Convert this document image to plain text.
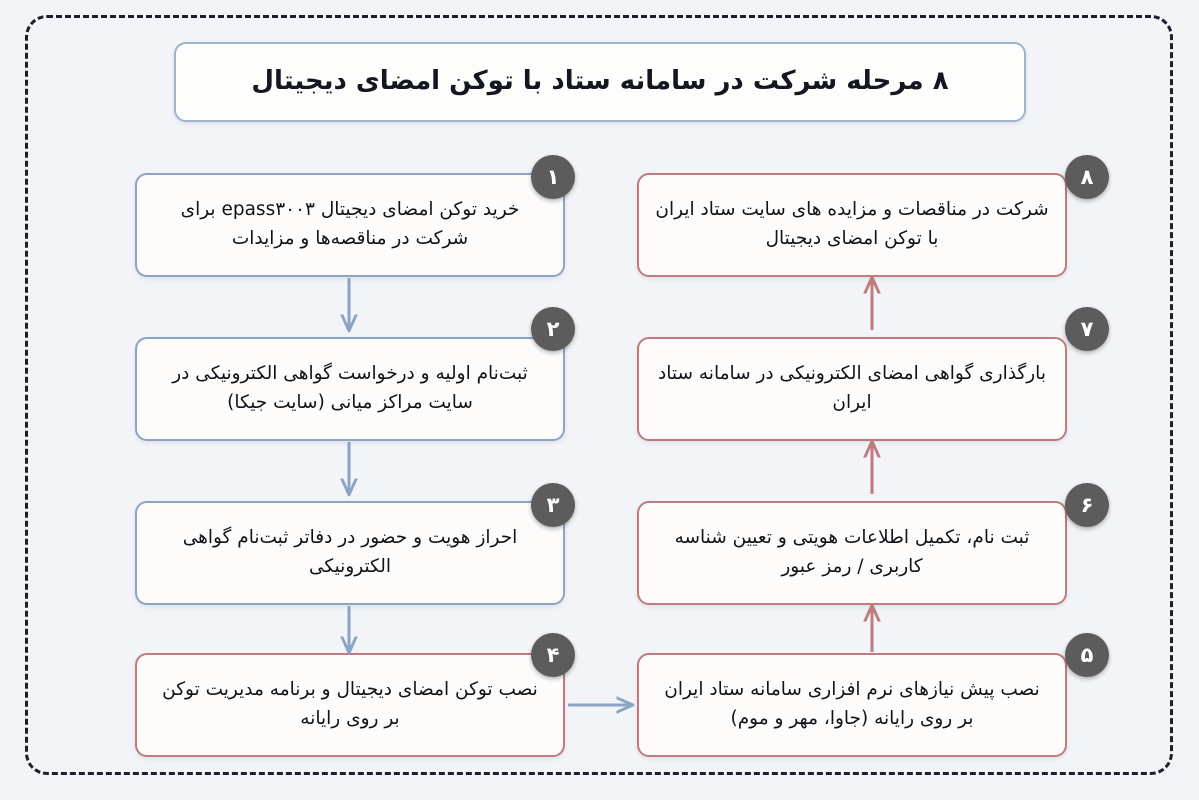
۸ مرحله شرکت در سامانه ستاد با توکن امضای دیجیتال
خرید توکن امضای دیجیتال epass۳۰۰۳ برای شرکت در مناقصه‌ها و مزایدات
۱
ثبت‌نام اولیه و درخواست گواهی الکترونیکی در سایت مراکز میانی (سایت جیکا)
۲
احراز هویت و حضور در دفاتر ثبت‌نام گواهی الکترونیکی
۳
نصب توکن امضای دیجیتال و برنامه مدیریت توکن بر روی رایانه
۴
نصب پیش نیازهای نرم افزاری سامانه ستاد ایران بر روی رایانه (جاوا، مهر و موم)
۵
ثبت نام، تکمیل اطلاعات هویتی و تعیین شناسه کاربری / رمز عبور
۶
بارگذاری گواهی امضای الکترونیکی در سامانه ستاد ایران
۷
شرکت در مناقصات و مزایده های سایت ستاد ایران با توکن امضای دیجیتال
۸
